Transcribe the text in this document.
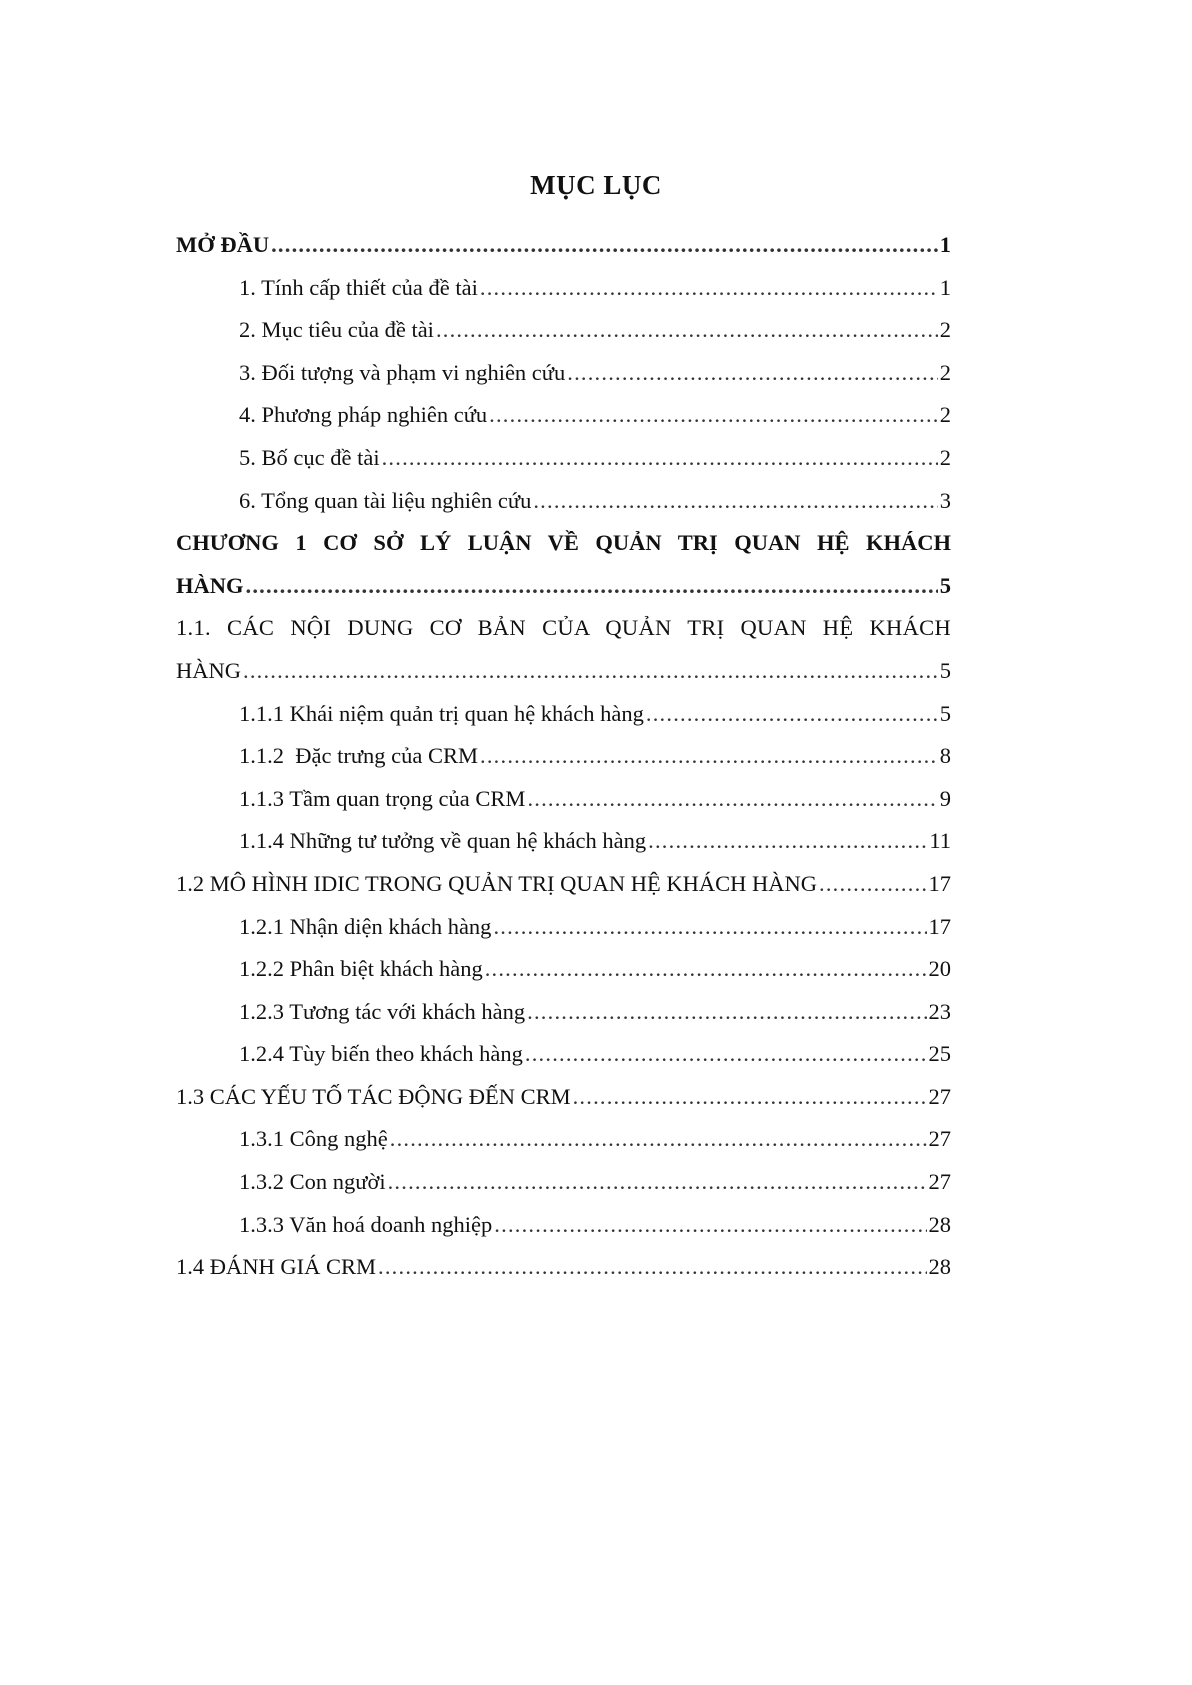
MỤC LỤC
MỞ ĐẦU .....	1
1. Tính cấp thiết của đề tài .....	1
2. Mục tiêu của đề tài .....	2
3. Đối tượng và phạm vi nghiên cứu .....	2
4. Phương pháp nghiên cứu .....	2
5. Bố cục đề tài .....	2
6. Tổng quan tài liệu nghiên cứu .....	3
CHƯƠNG 1 CƠ SỞ LÝ LUẬN VỀ QUẢN TRỊ QUAN HỆ KHÁCH
HÀNG .....	5
1.1. CÁC NỘI DUNG CƠ BẢN CỦA QUẢN TRỊ QUAN HỆ KHÁCH
HÀNG .....	5
1.1.1 Khái niệm quản trị quan hệ khách hàng .....	5
1.1.2  Đặc trưng của CRM .....	8
1.1.3 Tầm quan trọng của CRM .....	9
1.1.4 Những tư tưởng về quan hệ khách hàng .....	11
1.2 MÔ HÌNH IDIC TRONG QUẢN TRỊ QUAN HỆ KHÁCH HÀNG .....	17
1.2.1 Nhận diện khách hàng .....	17
1.2.2 Phân biệt khách hàng .....	20
1.2.3 Tương tác với khách hàng .....	23
1.2.4 Tùy biến theo khách hàng .....	25
1.3 CÁC YẾU TỐ TÁC ĐỘNG ĐẾN CRM .....	27
1.3.1 Công nghệ .....	27
1.3.2 Con người .....	27
1.3.3 Văn hoá doanh nghiệp .....	28
1.4 ĐÁNH GIÁ CRM .....	28
